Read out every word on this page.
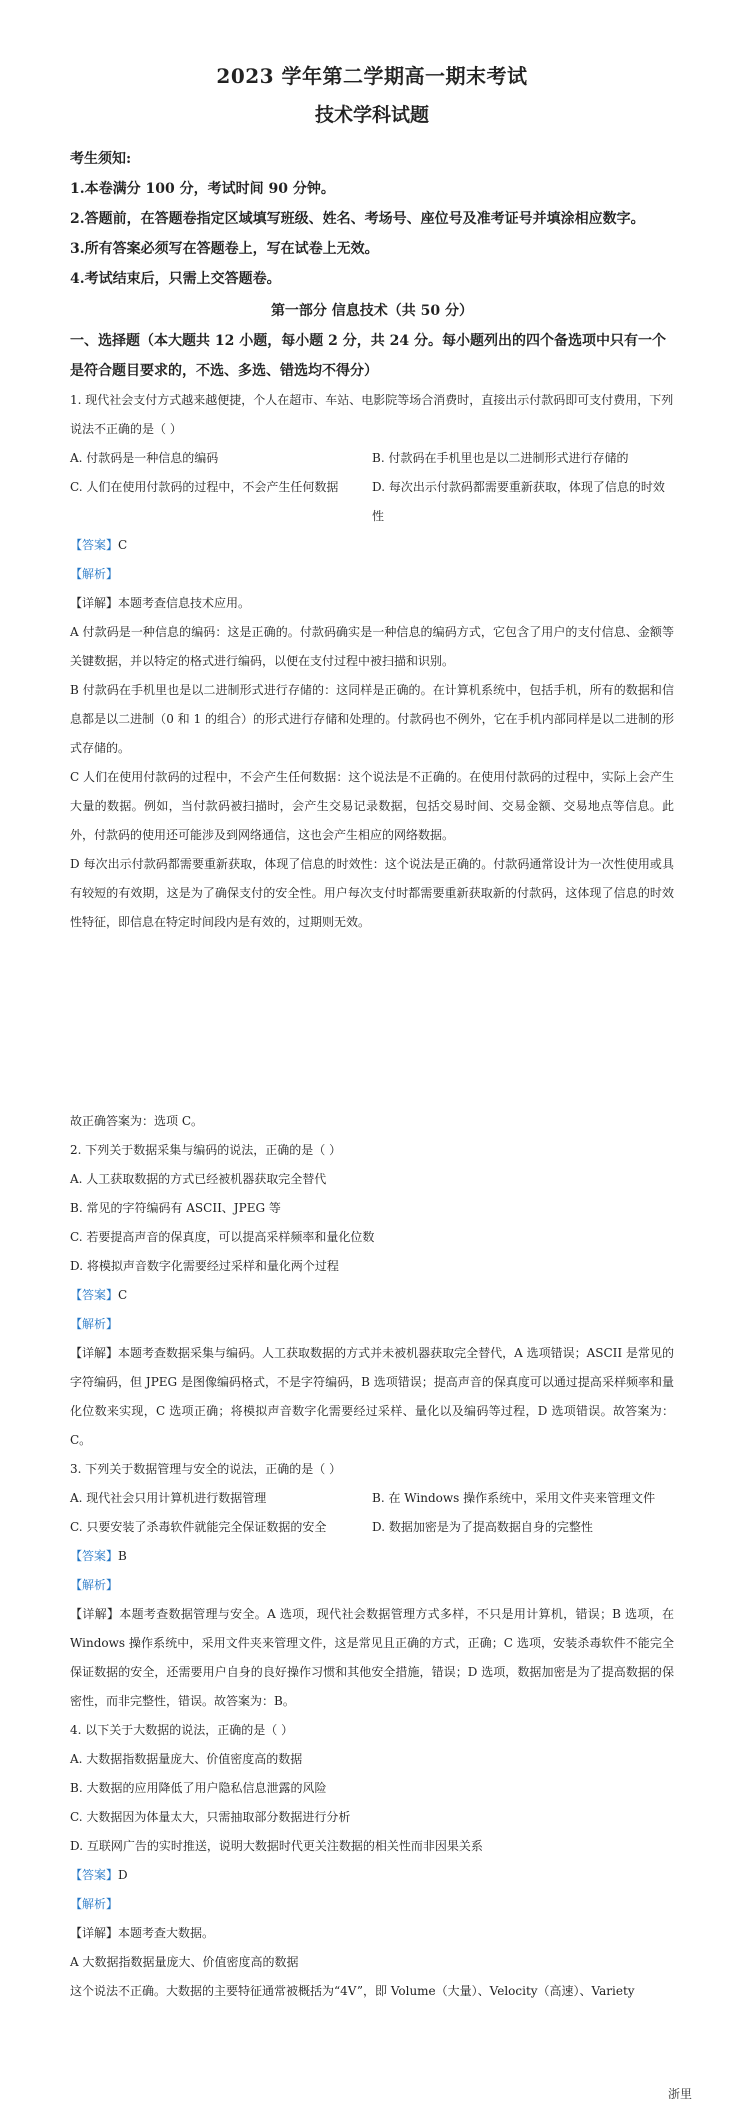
2023 学年第二学期高一期末考试
技术学科试题
考生须知:
1.本卷满分 100 分，考试时间 90 分钟。
2.答题前，在答题卷指定区域填写班级、姓名、考场号、座位号及准考证号并填涂相应数字。
3.所有答案必须写在答题卷上，写在试卷上无效。
4.考试结束后，只需上交答题卷。
第一部分 信息技术（共 50 分）
一、选择题（本大题共 12 小题，每小题 2 分，共 24 分。每小题列出的四个备选项中只有一个是符合题目要求的，不选、多选、错选均不得分）
1. 现代社会支付方式越来越便捷，个人在超市、车站、电影院等场合消费时，直接出示付款码即可支付费用，下列说法不正确的是（ ）
A. 付款码是一种信息的编码	B. 付款码在手机里也是以二进制形式进行存储的
C. 人们在使用付款码的过程中，不会产生任何数据	D. 每次出示付款码都需要重新获取，体现了信息的时效性
【答案】C
【解析】
【详解】本题考查信息技术应用。
A 付款码是一种信息的编码：这是正确的。付款码确实是一种信息的编码方式，它包含了用户的支付信息、金额等关键数据，并以特定的格式进行编码，以便在支付过程中被扫描和识别。
B 付款码在手机里也是以二进制形式进行存储的：这同样是正确的。在计算机系统中，包括手机，所有的数据和信息都是以二进制（0 和 1 的组合）的形式进行存储和处理的。付款码也不例外，它在手机内部同样是以二进制的形式存储的。
C 人们在使用付款码的过程中，不会产生任何数据：这个说法是不正确的。在使用付款码的过程中，实际上会产生大量的数据。例如，当付款码被扫描时，会产生交易记录数据，包括交易时间、交易金额、交易地点等信息。此外，付款码的使用还可能涉及到网络通信，这也会产生相应的网络数据。
D 每次出示付款码都需要重新获取，体现了信息的时效性：这个说法是正确的。付款码通常设计为一次性使用或具有较短的有效期，这是为了确保支付的安全性。用户每次支付时都需要重新获取新的付款码，这体现了信息的时效性特征，即信息在特定时间段内是有效的，过期则无效。
故正确答案为：选项 C。
2. 下列关于数据采集与编码的说法，正确的是（ ）
A. 人工获取数据的方式已经被机器获取完全替代
B. 常见的字符编码有 ASCII、JPEG 等
C. 若要提高声音的保真度，可以提高采样频率和量化位数
D. 将模拟声音数字化需要经过采样和量化两个过程
【答案】C
【解析】
【详解】本题考查数据采集与编码。人工获取数据的方式并未被机器获取完全替代，A 选项错误；ASCII 是常见的字符编码，但 JPEG 是图像编码格式，不是字符编码，B 选项错误；提高声音的保真度可以通过提高采样频率和量化位数来实现，C 选项正确；将模拟声音数字化需要经过采样、量化以及编码等过程，D 选项错误。故答案为：C。
3. 下列关于数据管理与安全的说法，正确的是（ ）
A. 现代社会只用计算机进行数据管理	B. 在 Windows 操作系统中，采用文件夹来管理文件
C. 只要安装了杀毒软件就能完全保证数据的安全	D. 数据加密是为了提高数据自身的完整性
【答案】B
【解析】
【详解】本题考查数据管理与安全。A 选项，现代社会数据管理方式多样，不只是用计算机，错误；B 选项，在 Windows 操作系统中，采用文件夹来管理文件，这是常见且正确的方式，正确；C 选项，安装杀毒软件不能完全保证数据的安全，还需要用户自身的良好操作习惯和其他安全措施，错误；D 选项，数据加密是为了提高数据的保密性，而非完整性，错误。故答案为：B。
4. 以下关于大数据的说法，正确的是（ ）
A. 大数据指数据量庞大、价值密度高的数据
B. 大数据的应用降低了用户隐私信息泄露的风险
C. 大数据因为体量太大，只需抽取部分数据进行分析
D. 互联网广告的实时推送，说明大数据时代更关注数据的相关性而非因果关系
【答案】D
【解析】
【详解】本题考查大数据。
A 大数据指数据量庞大、价值密度高的数据
这个说法不正确。大数据的主要特征通常被概括为“4V”，即 Volume（大量）、Velocity（高速）、Variety
浙里
